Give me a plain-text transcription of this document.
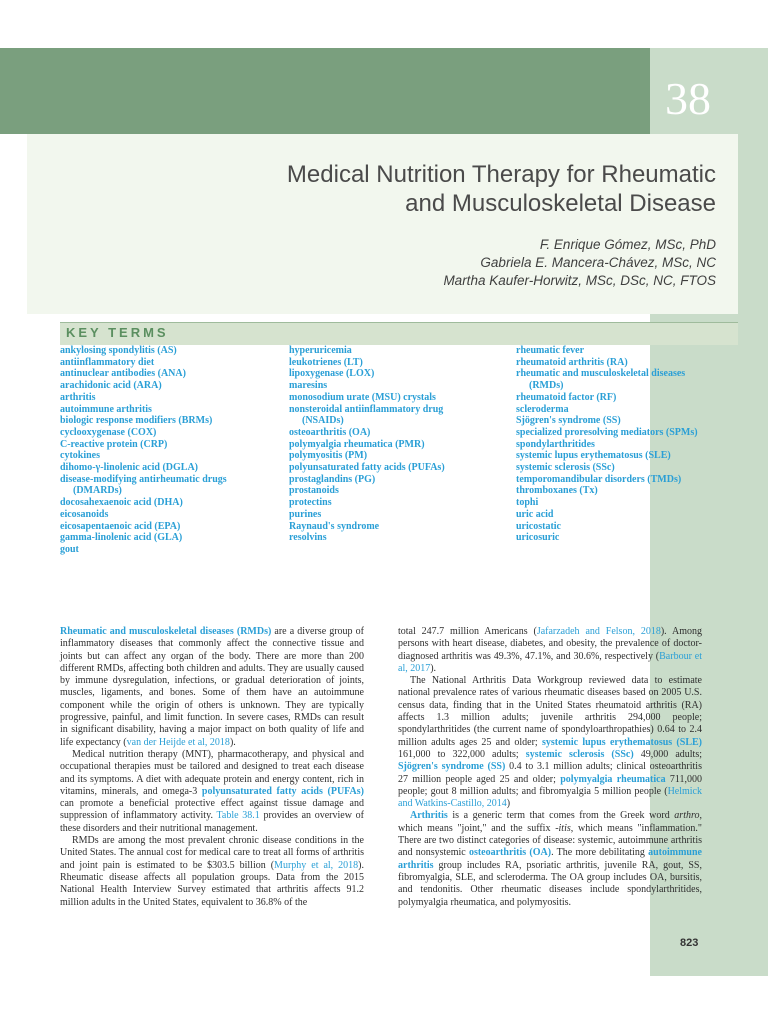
38
Medical Nutrition Therapy for Rheumatic
and Musculoskeletal Disease
F. Enrique Gómez, MSc, PhD
Gabriela E. Mancera-Chávez, MSc, NC
Martha Kaufer-Horwitz, MSc, DSc, NC, FTOS
KEY TERMS
ankylosing spondylitis (AS)
antiinflammatory diet
antinuclear antibodies (ANA)
arachidonic acid (ARA)
arthritis
autoimmune arthritis
biologic response modifiers (BRMs)
cyclooxygenase (COX)
C-reactive protein (CRP)
cytokines
dihomo-γ-linolenic acid (DGLA)
disease-modifying antirheumatic drugs
(DMARDs)
docosahexaenoic acid (DHA)
eicosanoids
eicosapentaenoic acid (EPA)
gamma-linolenic acid (GLA)
gout
hyperuricemia
leukotrienes (LT)
lipoxygenase (LOX)
maresins
monosodium urate (MSU) crystals
nonsteroidal antiinflammatory drug
(NSAIDs)
osteoarthritis (OA)
polymyalgia rheumatica (PMR)
polymyositis (PM)
polyunsaturated fatty acids (PUFAs)
prostaglandins (PG)
prostanoids
protectins
purines
Raynaud's syndrome
resolvins
rheumatic fever
rheumatoid arthritis (RA)
rheumatic and musculoskeletal diseases
(RMDs)
rheumatoid factor (RF)
scleroderma
Sjögren's syndrome (SS)
specialized proresolving mediators (SPMs)
spondylarthritides
systemic lupus erythematosus (SLE)
systemic sclerosis (SSc)
temporomandibular disorders (TMDs)
thromboxanes (Tx)
tophi
uric acid
uricostatic
uricosuric

Rheumatic and musculoskeletal diseases (RMDs) are a diverse group of inflammatory diseases that commonly affect the connective tissue and joints but can affect any organ of the body. There are more than 200 different RMDs, affecting both children and adults. They are usually caused by immune dysregulation, infections, or gradual deterioration of joints, muscles, ligaments, and bones. Some of them have an autoimmune component while the origin of others is unknown. They are typically progressive, painful, and limit function. In severe cases, RMDs can result in significant disability, having a major impact on both quality of life and life expectancy (van der Heijde et al, 2018).

Medical nutrition therapy (MNT), pharmacotherapy, and physical and occupational therapies must be tailored and designed to treat each disease and its symptoms. A diet with adequate protein and energy content, rich in vitamins, minerals, and omega-3 polyunsaturated fatty acids (PUFAs) can promote a beneficial protective effect against tissue damage and suppression of inflammatory activity. Table 38.1 provides an overview of these disorders and their nutritional management.

RMDs are among the most prevalent chronic disease conditions in the United States. The annual cost for medical care to treat all forms of arthritis and joint pain is estimated to be $303.5 billion (Murphy et al, 2018). Rheumatic disease affects all population groups. Data from the 2015 National Health Interview Survey estimated that arthritis affects 91.2 million adults in the United States, equivalent to 36.8% of the

total 247.7 million Americans (Jafarzadeh and Felson, 2018). Among persons with heart disease, diabetes, and obesity, the prevalence of doctor-diagnosed arthritis was 49.3%, 47.1%, and 30.6%, respectively (Barbour et al, 2017).

The National Arthritis Data Workgroup reviewed data to estimate national prevalence rates of various rheumatic diseases based on 2005 U.S. census data, finding that in the United States rheumatoid arthritis (RA) affects 1.3 million adults; juvenile arthritis 294,000 people; spondylarthritides (the current name of spondyloarthropathies) 0.64 to 2.4 million adults ages 25 and older; systemic lupus erythematosus (SLE) 161,000 to 322,000 adults; systemic sclerosis (SSc) 49,000 adults; Sjögren's syndrome (SS) 0.4 to 3.1 million adults; clinical osteoarthritis 27 million people aged 25 and older; polymyalgia rheumatica 711,000 people; gout 8 million adults; and fibromyalgia 5 million people (Helmick and Watkins-Castillo, 2014)

Arthritis is a generic term that comes from the Greek word arthro, which means "joint," and the suffix -itis, which means "inflammation." There are two distinct categories of disease: systemic, autoimmune arthritis and nonsystemic osteoarthritis (OA). The more debilitating autoimmune arthritis group includes RA, psoriatic arthritis, juvenile RA, gout, SS, fibromyalgia, SLE, and scleroderma. The OA group includes OA, bursitis, and tendonitis. Other rheumatic diseases include spondylarthritides, polymyalgia rheumatica, and polymyositis.

823
